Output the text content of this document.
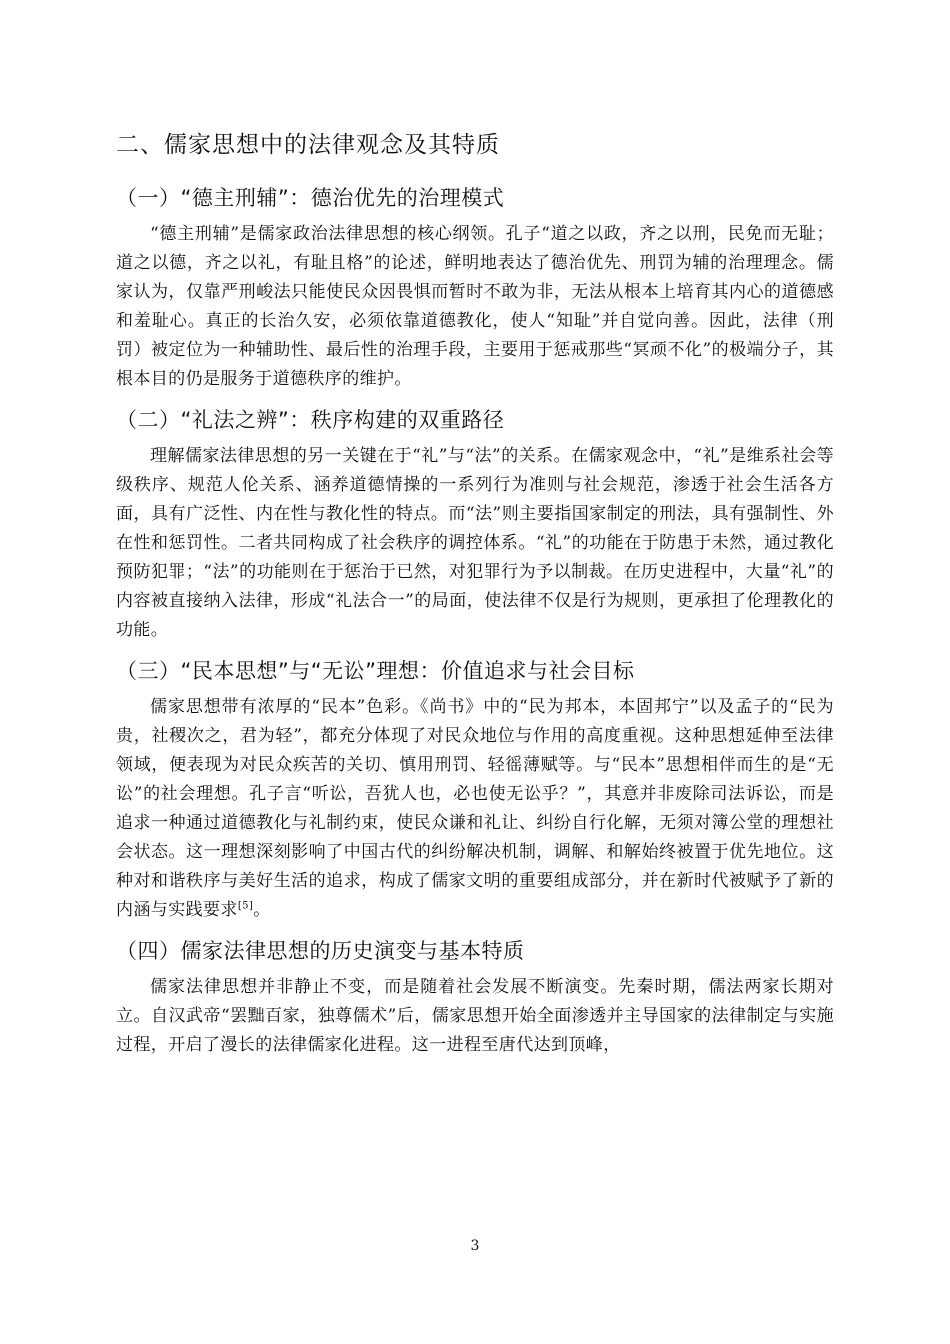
二、儒家思想中的法律观念及其特质
（一）“德主刑辅”：德治优先的治理模式

“德主刑辅”是儒家政治法律思想的核心纲领。孔子“道之以政，齐之以刑，民免而无耻；道之以德，齐之以礼，有耻且格”的论述，鲜明地表达了德治优先、刑罚为辅的治理理念。儒家认为，仅靠严刑峻法只能使民众因畏惧而暂时不敢为非，无法从根本上培育其内心的道德感和羞耻心。真正的长治久安，必须依靠道德教化，使人“知耻”并自觉向善。因此，法律（刑罚）被定位为一种辅助性、最后性的治理手段，主要用于惩戒那些“冥顽不化”的极端分子，其根本目的仍是服务于道德秩序的维护。

（二）“礼法之辨”：秩序构建的双重路径

理解儒家法律思想的另一关键在于“礼”与“法”的关系。在儒家观念中，“礼”是维系社会等级秩序、规范人伦关系、涵养道德情操的一系列行为准则与社会规范，渗透于社会生活各方面，具有广泛性、内在性与教化性的特点。而“法”则主要指国家制定的刑法，具有强制性、外在性和惩罚性。二者共同构成了社会秩序的调控体系。“礼”的功能在于防患于未然，通过教化预防犯罪；“法”的功能则在于惩治于已然，对犯罪行为予以制裁。在历史进程中，大量“礼”的内容被直接纳入法律，形成“礼法合一”的局面，使法律不仅是行为规则，更承担了伦理教化的功能。

（三）“民本思想”与“无讼”理想：价值追求与社会目标

儒家思想带有浓厚的“民本”色彩。《尚书》中的“民为邦本，本固邦宁”以及孟子的“民为贵，社稷次之，君为轻”，都充分体现了对民众地位与作用的高度重视。这种思想延伸至法律领域，便表现为对民众疾苦的关切、慎用刑罚、轻徭薄赋等。与“民本”思想相伴而生的是“无讼”的社会理想。孔子言“听讼，吾犹人也，必也使无讼乎？”，其意并非废除司法诉讼，而是追求一种通过道德教化与礼制约束，使民众谦和礼让、纠纷自行化解，无须对簿公堂的理想社会状态。这一理想深刻影响了中国古代的纠纷解决机制，调解、和解始终被置于优先地位。这种对和谐秩序与美好生活的追求，构成了儒家文明的重要组成部分，并在新时代被赋予了新的内涵与实践要求[5]。

（四）儒家法律思想的历史演变与基本特质

儒家法律思想并非静止不变，而是随着社会发展不断演变。先秦时期，儒法两家长期对立。自汉武帝“罢黜百家，独尊儒术”后，儒家思想开始全面渗透并主导国家的法律制定与实施过程，开启了漫长的法律儒家化进程。这一进程至唐代达到顶峰，

3
